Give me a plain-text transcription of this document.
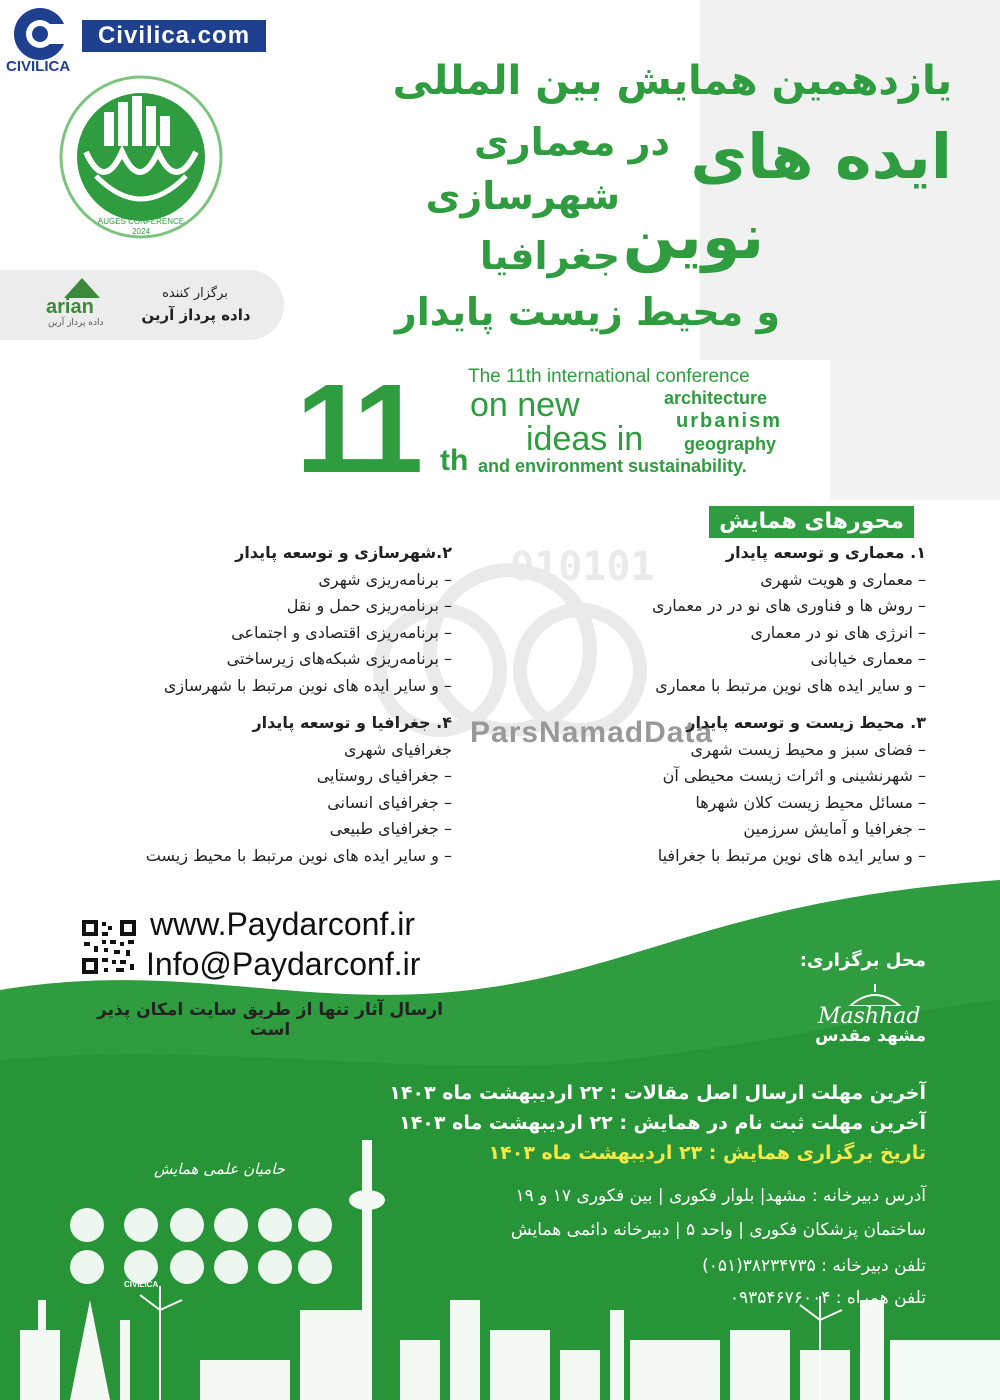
Civilica.com
CIVILICA
AUGES CONFERENCE
2024
arian
داده پرداز آرین
برگزار کننده
داده پرداز آرین
یازدهمین همایش بین المللی
ایده های
در معماری
شهرسازی
نوین
جغرافیا
و محیط زیست پایدار
11 th
The 11th international conference
on new
ideas in
architecture
urbanism
geography
and environment sustainability.
010101
ParsNamadData
محورهای همایش
۱. معماری و توسعه پایدار
– معماری و هویت شهری
– روش ها و فناوری های نو در در معماری
– انرژی های نو در معماری
– معماری خیابانی
– و سایر ایده های نوین مرتبط با معماری
۲.شهرسازی و توسعه پایدار
– برنامه‌ریزی شهری
– برنامه‌ریزی حمل و نقل
– برنامه‌ریزی اقتصادی و اجتماعی
– برنامه‌ریزی شبکه‌های زیرساختی
– و سایر ایده های نوین مرتبط با شهرسازی
۳. محیط زیست و توسعه پایدار
– فضای سبز و محیط زیست شهری
– شهرنشینی و اثرات زیست محیطی آن
– مسائل محیط زیست کلان شهرها
– جغرافیا و آمایش سرزمین
– و سایر ایده های نوین مرتبط با جغرافیا
۴. جغرافیا و توسعه پایدار
جغرافیای شهری
– جغرافیای روستایی
– جغرافیای انسانی
– جغرافیای طبیعی
– و سایر ایده های نوین مرتبط با محیط زیست
www.Paydarconf.ir
Info@Paydarconf.ir
ارسال آثار تنها از طریق سایت امکان پذیر است
محل برگزاری:
Mashhad
مشهد مقدس
آخرین مهلت ارسال اصل مقالات : ۲۲ اردیبهشت ماه ۱۴۰۳
آخرین مهلت ثبت نام در همایش : ۲۲ اردیبهشت ماه ۱۴۰۳
تاریخ برگزاری همایش : ۲۳ اردیبهشت ماه ۱۴۰۳
آدرس دبیرخانه : مشهد| بلوار فکوری | بین فکوری ۱۷ و ۱۹
ساختمان پزشکان فکوری | واحد ۵ | دبیرخانه دائمی همایش
تلفن دبیرخانه : ۳۸۲۳۴۷۳۵(۰۵۱)
تلفن همراه : ۰۹۳۵۴۶۷۶۰۰۴
حامیان علمی همایش
CIVILICA
